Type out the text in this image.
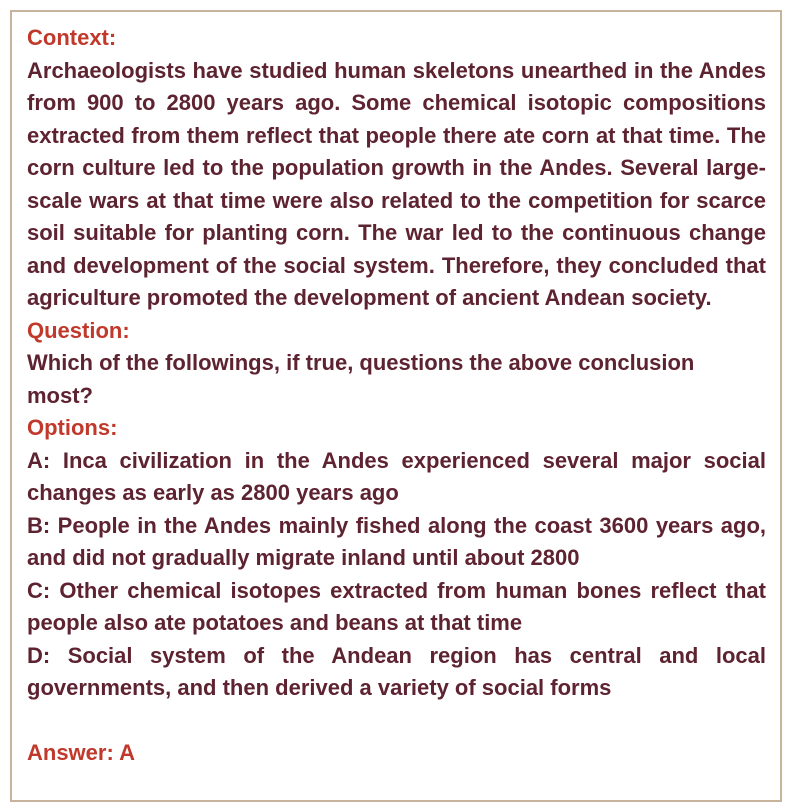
Context:

Archaeologists have studied human skeletons unearthed in the Andes from 900 to 2800 years ago. Some chemical isotopic compositions extracted from them reflect that people there ate corn at that time. The corn culture led to the population growth in the Andes. Several large-scale wars at that time were also related to the competition for scarce soil suitable for planting corn. The war led to the continuous change and development of the social system. Therefore, they concluded that agriculture promoted the development of ancient Andean society.

Question:

Which of the followings, if true, questions the above conclusion most?

Options:

A: Inca civilization in the Andes experienced several major social changes as early as 2800 years ago

B: People in the Andes mainly fished along the coast 3600 years ago, and did not gradually migrate inland until about 2800

C: Other chemical isotopes extracted from human bones reflect that people also ate potatoes and beans at that time

D: Social system of the Andean region has central and local governments, and then derived a variety of social forms

Answer: A
